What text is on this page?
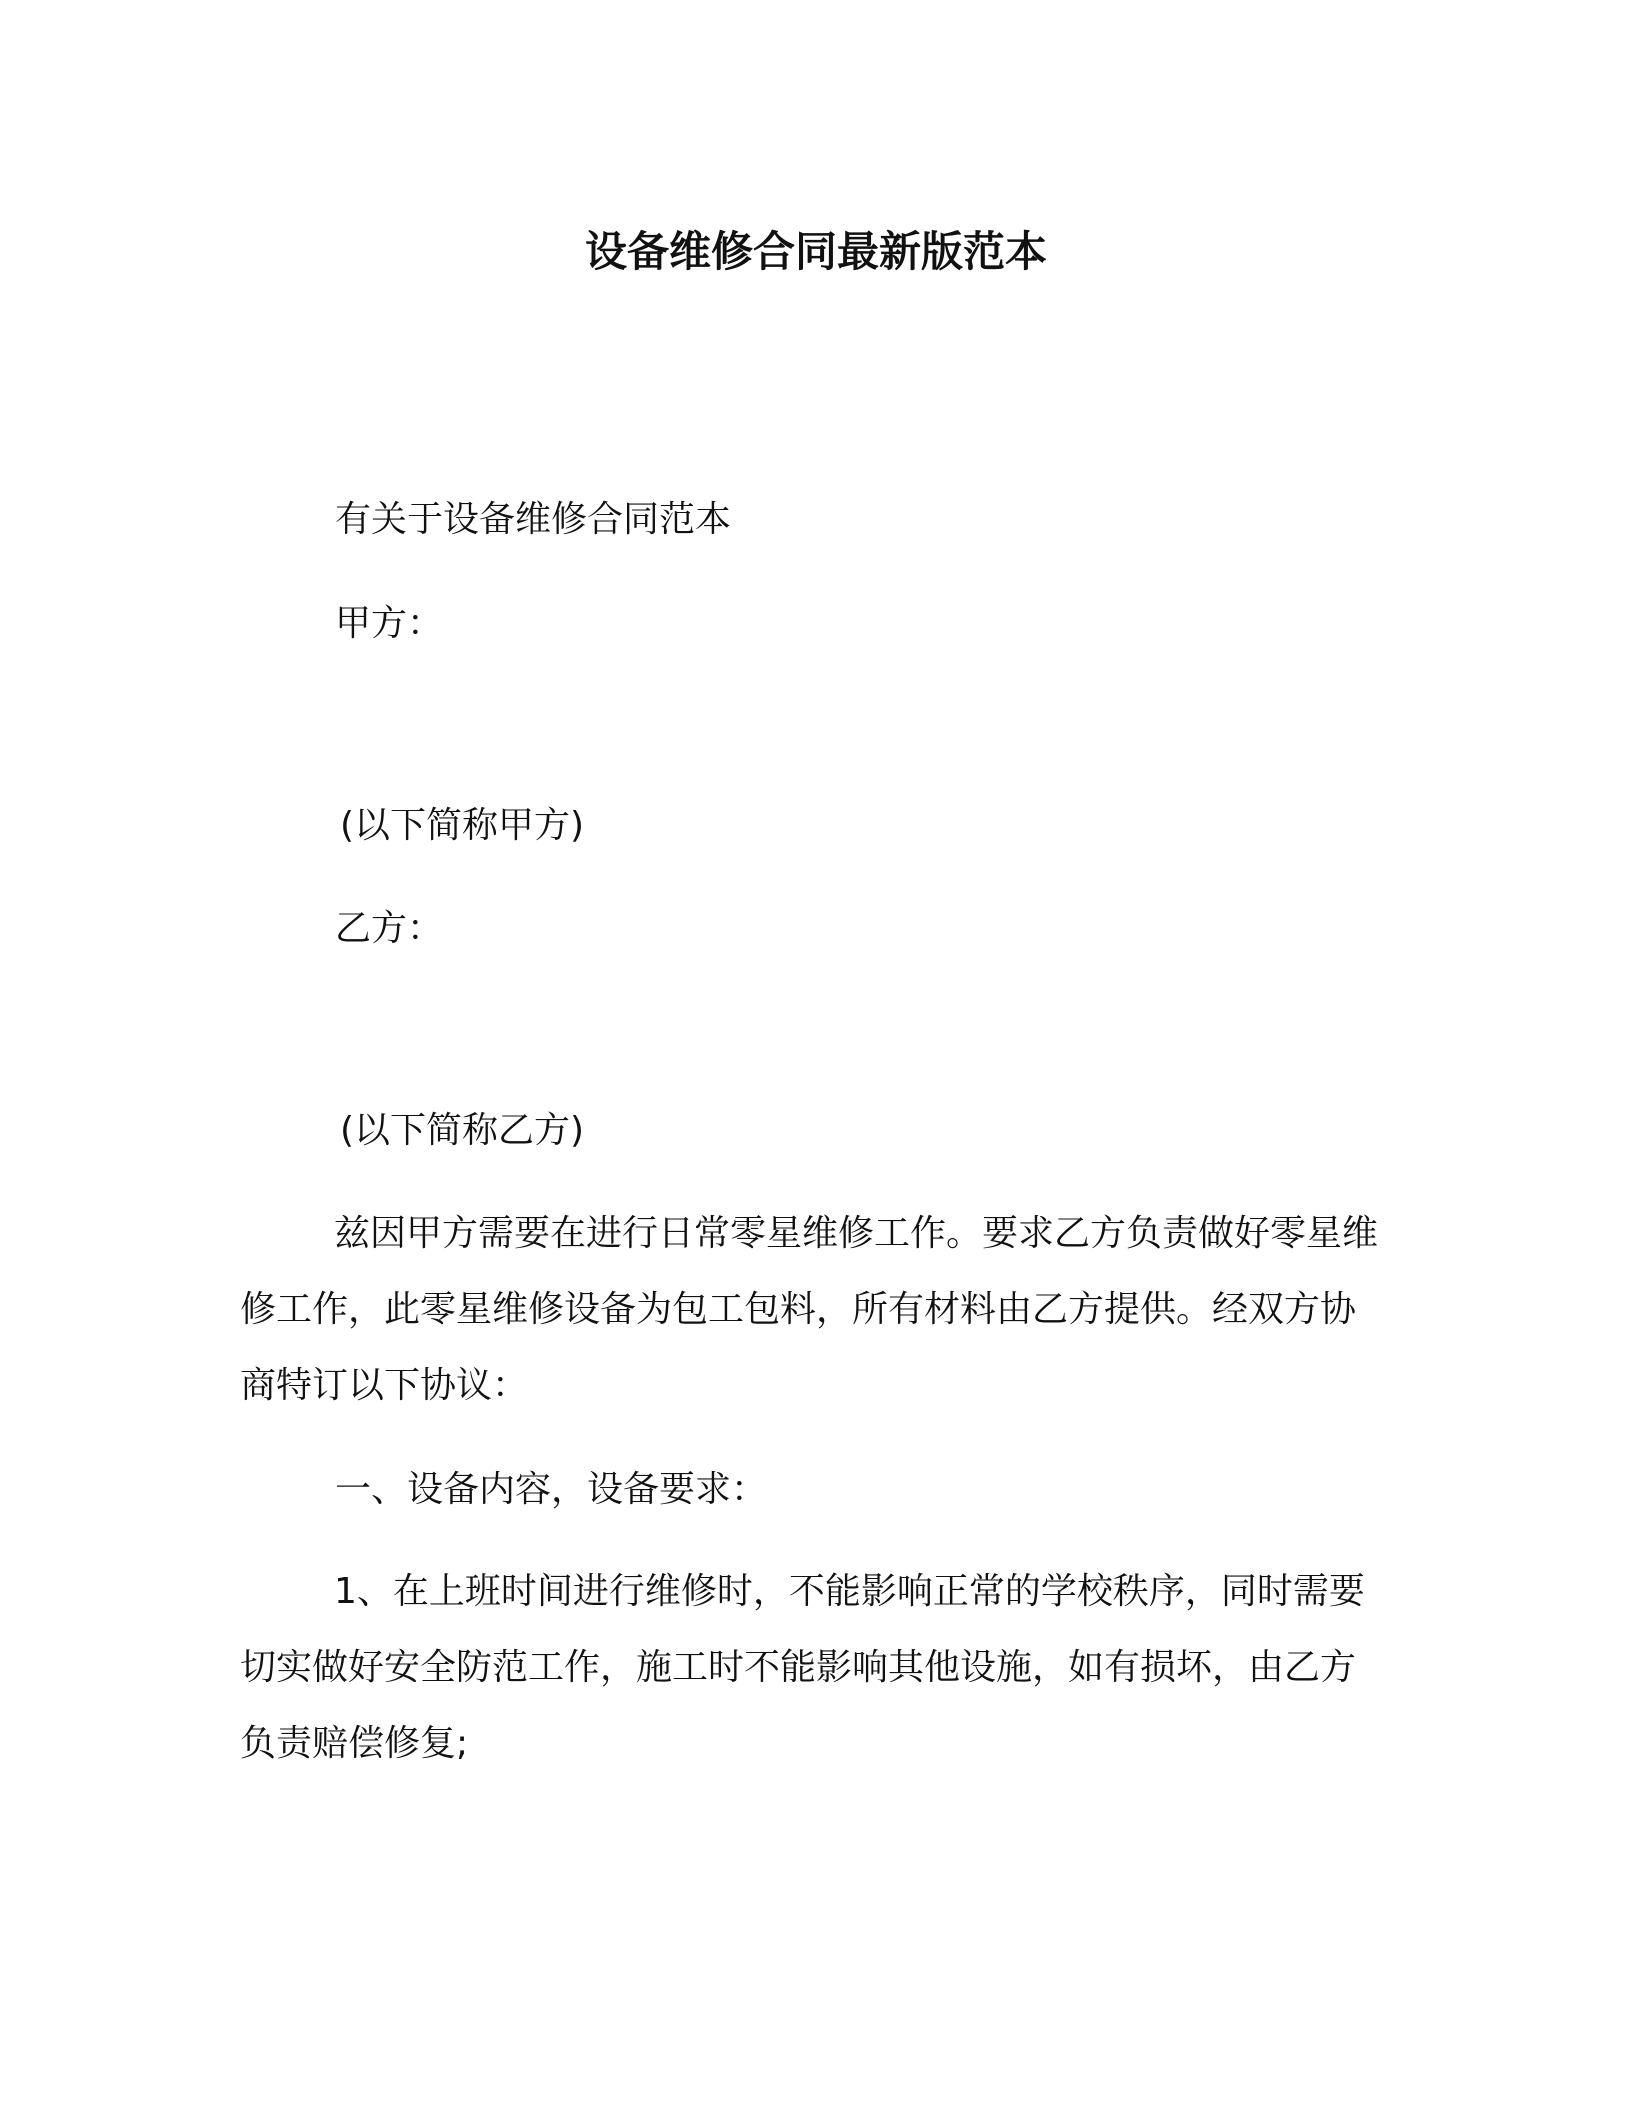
设备维修合同最新版范本
有关于设备维修合同范本
甲方：
(以下简称甲方)
乙方：
(以下简称乙方)
兹因甲方需要在进行日常零星维修工作。要求乙方负责做好零星维修工作，此零星维修设备为包工包料，所有材料由乙方提供。经双方协商特订以下协议：
一、设备内容，设备要求：
1、在上班时间进行维修时，不能影响正常的学校秩序，同时需要切实做好安全防范工作，施工时不能影响其他设施，如有损坏，由乙方负责赔偿修复;
